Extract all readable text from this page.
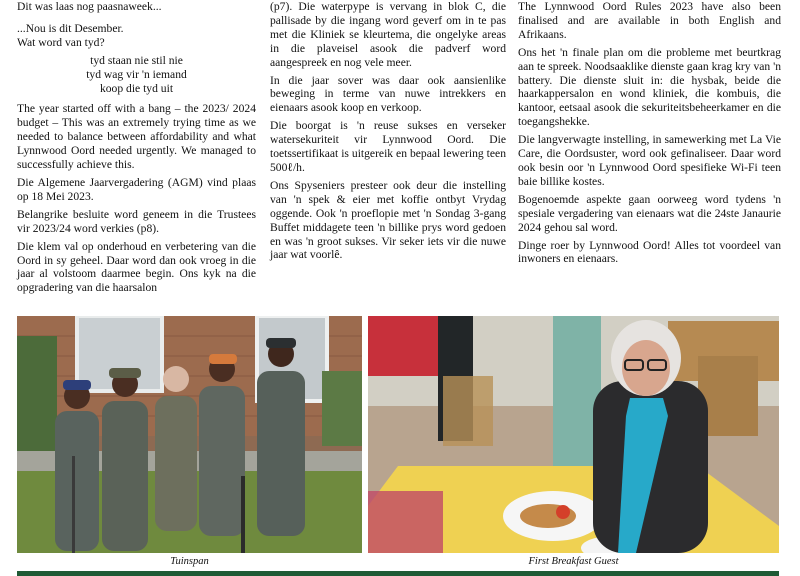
Dit was laas nog paasnaweek...

...Nou is dit Desember.
Wat word van tyd?
tyd staan nie stil nie
tyd wag vir 'n iemand
koop die tyd uit

The year started off with a bang – the 2023/ 2024 budget – This was an extremely trying time as we needed to balance between affordability and what Lynnwood Oord needed urgently. We managed to successfully achieve this.

Die Algemene Jaarvergadering (AGM) vind plaas op 18 Mei 2023.

Belangrike besluite word geneem in die Trustees vir 2023/24 word verkies (p8).

Die klem val op onderhoud en verbetering van die Oord in sy geheel. Daar word dan ook vroeg in die jaar al volstoom daarmee begin. Ons kyk na die opgradering van die haarsalon

(p7). Die waterpype is vervang in blok C, die pallisade by die ingang word geverf om in te pas met die Kliniek se kleurtema, die ongelyke areas in die plaveisel asook die padverf word aangespreek en nog vele meer.

In die jaar sover was daar ook aansienlike beweging in terme van nuwe intrekkers en eienaars asook koop en verkoop.

Die boorgat is 'n reuse sukses en verseker watersekuriteit vir Lynnwood Oord. Die toetssertifikaat is uitgereik en bepaal lewering teen 500ℓ/h.

Ons Spyseniers presteer ook deur die instelling van 'n spek & eier met koffie ontbyt Vrydag oggende. Ook 'n proeflopie met 'n Sondag 3-gang Buffet middagete teen 'n billike prys word gedoen en was 'n groot sukses. Vir seker iets vir die nuwe jaar wat voorlê.

The Lynnwood Oord Rules 2023 have also been finalised and are available in both English and Afrikaans.

Ons het 'n finale plan om die probleme met beurtkrag aan te spreek. Noodsaaklike dienste gaan krag kry van 'n battery. Die dienste sluit in: die hysbak, beide die haarkappersalon en wond kliniek, die kombuis, die kantoor, eetsaal asook die sekuriteitsbeheerkamer en die toegangshekke.

Die langverwagte instelling, in samewerking met La Vie Care, die Oordsuster, word ook gefinaliseer. Daar word ook besin oor 'n Lynnwood Oord spesifieke Wi-Fi teen baie billike kostes.

Bogenoemde aspekte gaan oorweeg word tydens 'n spesiale vergadering van eienaars wat die 24ste Janaurie 2024 gehou sal word.

Dinge roer by Lynnwood Oord! Alles tot voordeel van inwoners en eienaars.

Tuinspan	First Breakfast Guest
